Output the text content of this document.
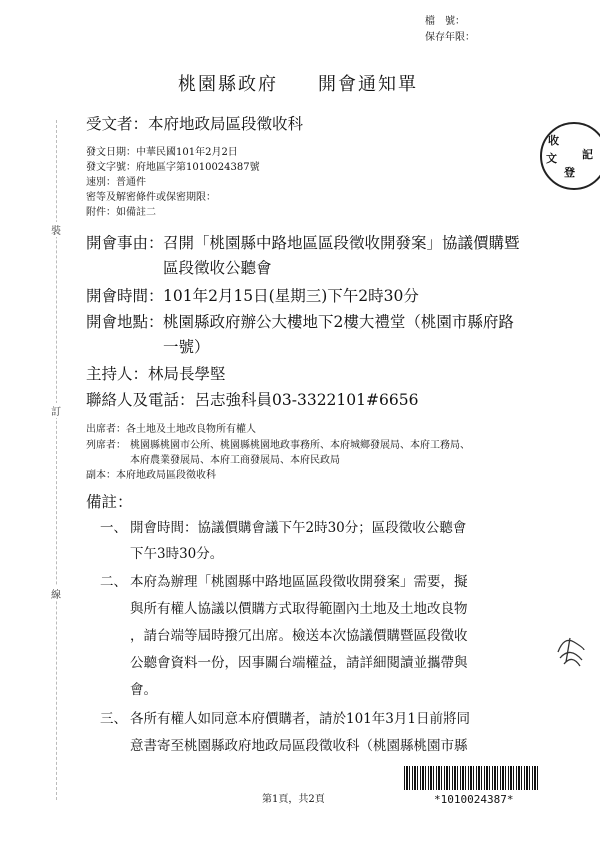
檔　號：
保存年限：
桃園縣政府 開會通知單
受文者：本府地政局區段徵收科
發文日期：中華民國101年2月2日
發文字號：府地區字第1010024387號
速別：普通件
密等及解密條件或保密期限：
附件：如備註二
開會事由： 召開「桃園縣中路地區區段徵收開發案」協議價購暨
區段徵收公聽會
開會時間： 101年2月15日(星期三)下午2時30分
開會地點： 桃園縣政府辦公大樓地下2樓大禮堂（桃園市縣府路
一號）
主持人：林局長學堅
聯絡人及電話：呂志強科員03-3322101#6656
出席者：各土地及土地改良物所有權人
列席者： 桃園縣桃園市公所、桃園縣桃園地政事務所、本府城鄉發展局、本府工務局、
本府農業發展局、本府工商發展局、本府民政局
副本：本府地政局區段徵收科
備註：
一、 開會時間：協議價購會議下午2時30分；區段徵收公聽會
下午3時30分。
二、 本府為辦理「桃園縣中路地區區段徵收開發案」需要，擬
與所有權人協議以價購方式取得範圍內土地及土地改良物
，請台端等屆時撥冗出席。檢送本次協議價購暨區段徵收
公聽會資料一份，因事關台端權益，請詳細閱讀並攜帶與
會。
三、 各所有權人如同意本府價購者，請於101年3月1日前將同
意書寄至桃園縣政府地政局區段徵收科（桃園縣桃園市縣
裝
訂
線
收
文
登
記
第1頁，共2頁	*1010024387*
